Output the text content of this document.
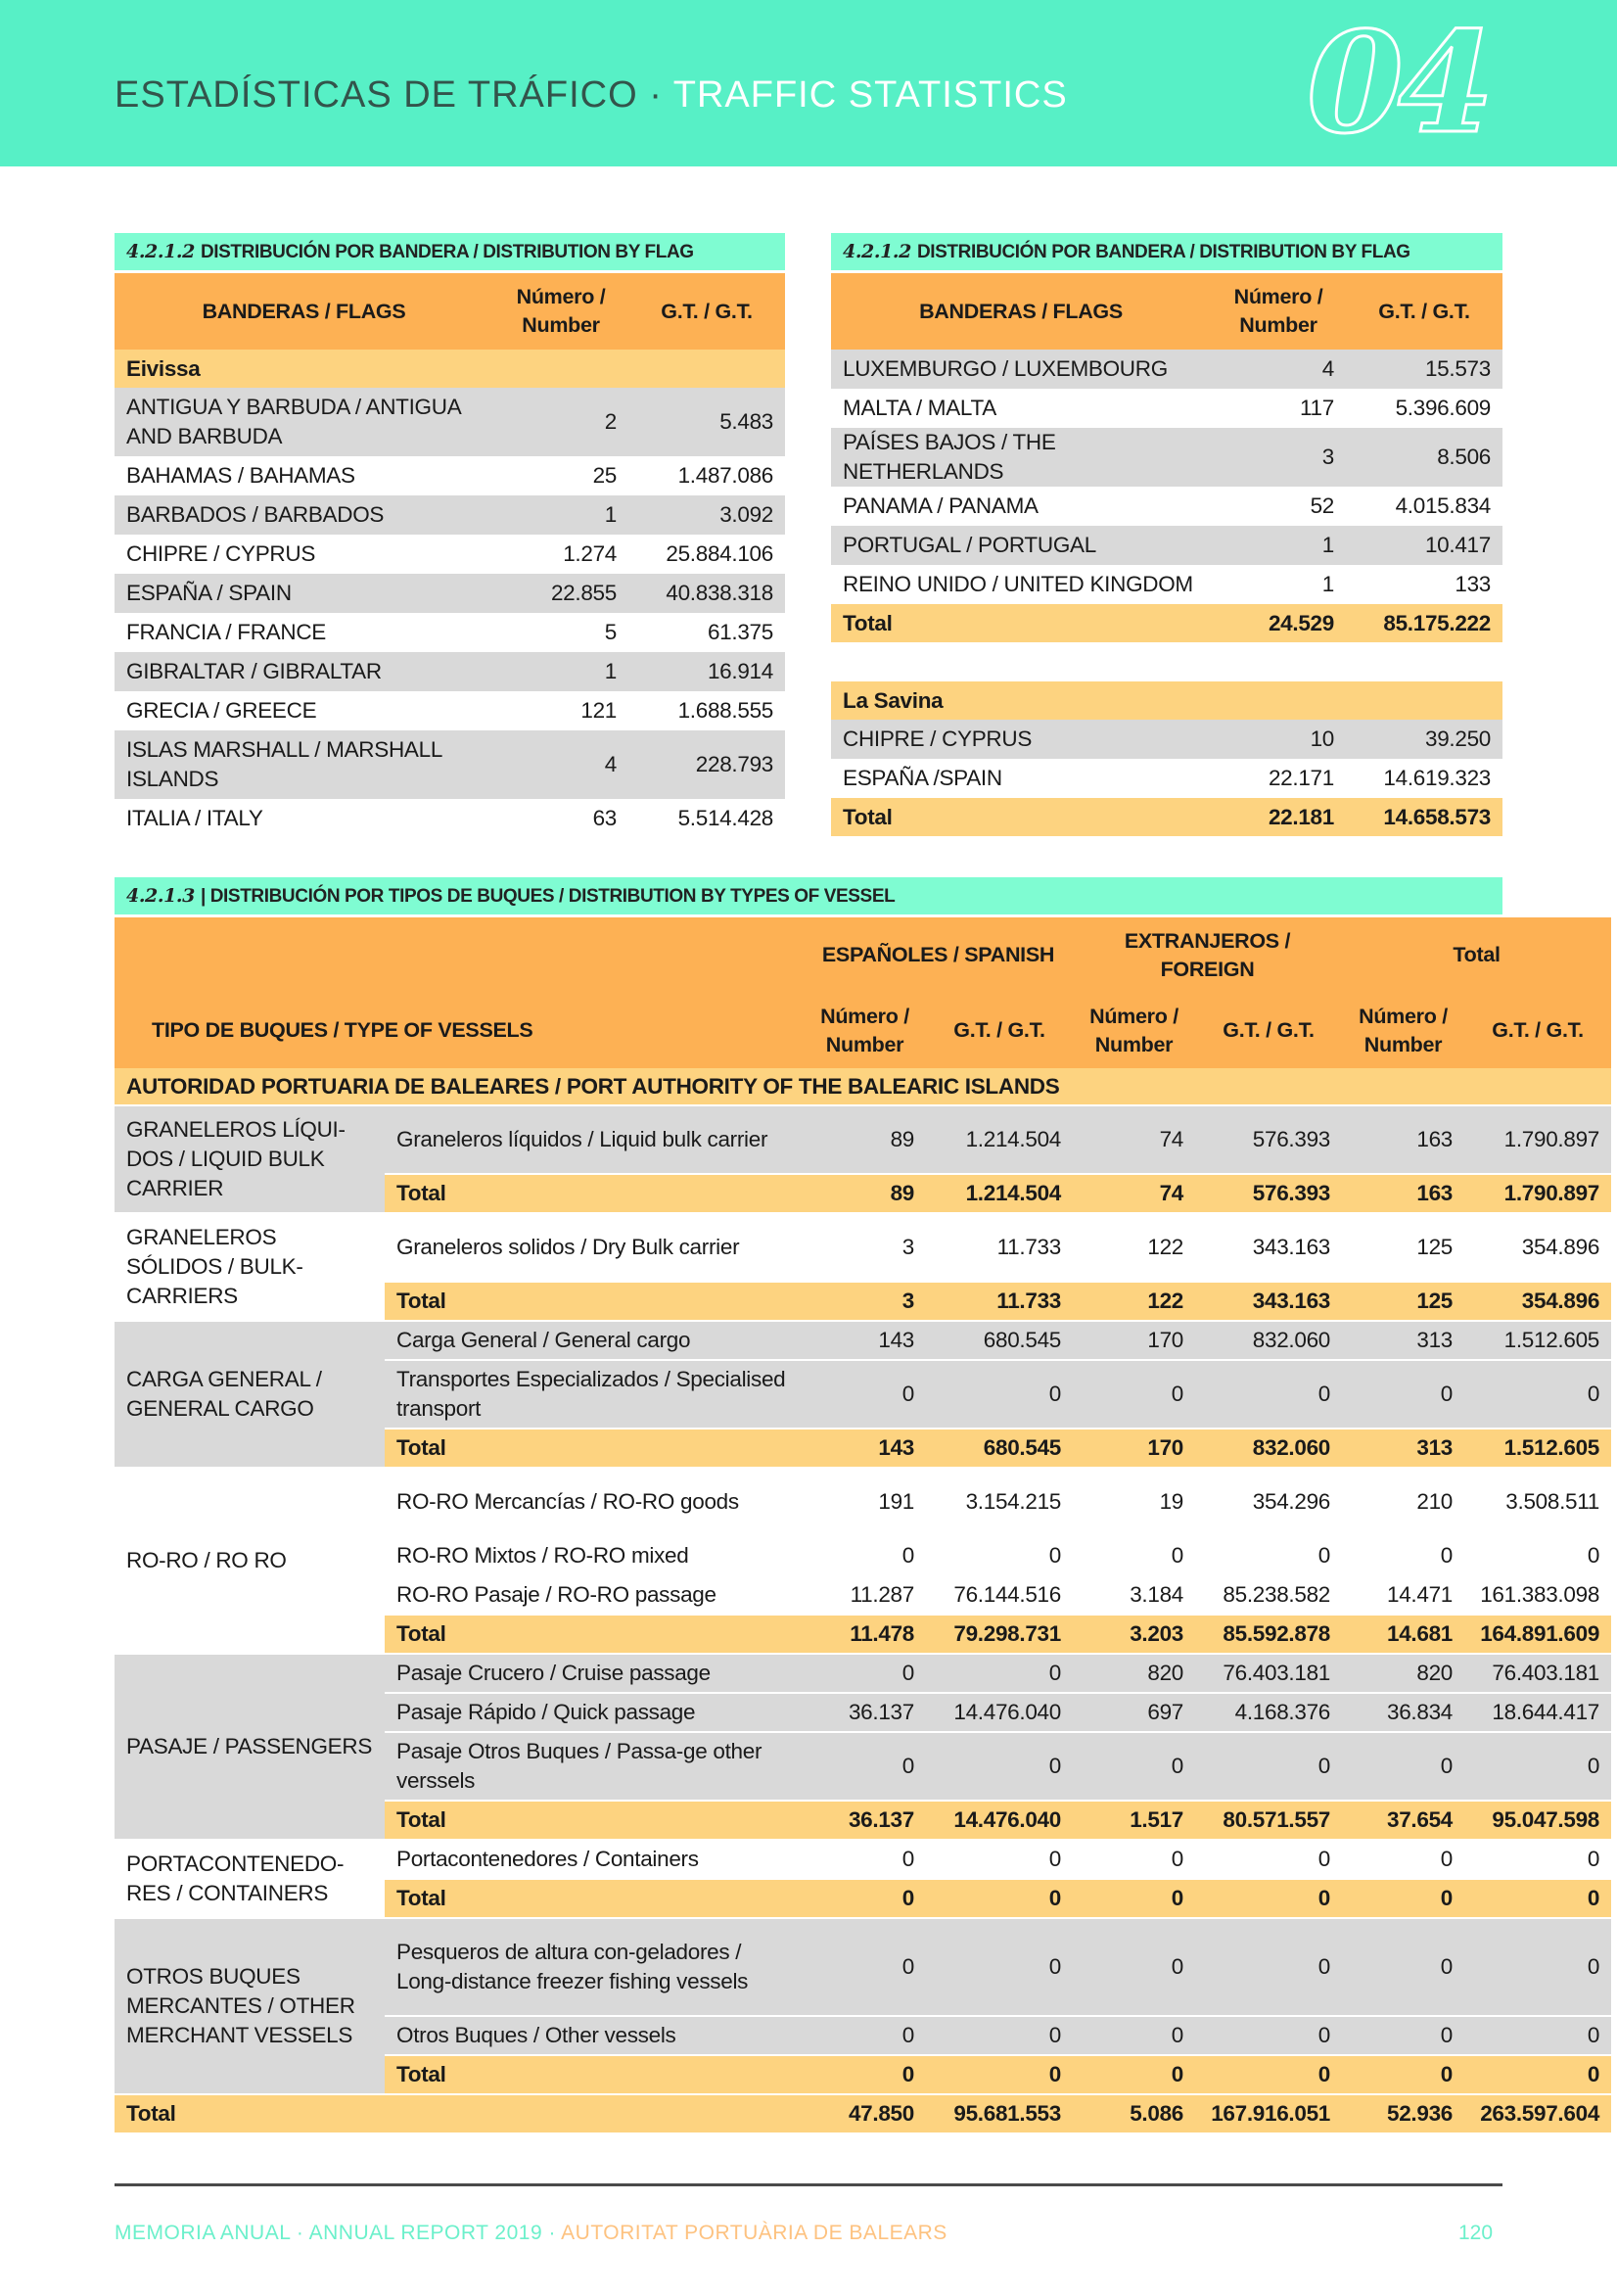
ESTADÍSTICAS DE TRÁFICO · TRAFFIC STATISTICS 04
4.2.1.2 DISTRIBUCIÓN POR BANDERA / DISTRIBUTION BY FLAG
BANDERAS / FLAGS	Número / Number	G.T. / G.T.
Eivissa		
ANTIGUA Y BARBUDA / ANTIGUA AND BARBUDA	2	5.483
BAHAMAS / BAHAMAS	25	1.487.086
BARBADOS / BARBADOS	1	3.092
CHIPRE / CYPRUS	1.274	25.884.106
ESPAÑA / SPAIN	22.855	40.838.318
FRANCIA / FRANCE	5	61.375
GIBRALTAR / GIBRALTAR	1	16.914
GRECIA / GREECE	121	1.688.555
ISLAS MARSHALL / MARSHALL ISLANDS	4	228.793
ITALIA / ITALY	63	5.514.428
4.2.1.2 DISTRIBUCIÓN POR BANDERA / DISTRIBUTION BY FLAG
BANDERAS / FLAGS	Número / Number	G.T. / G.T.
LUXEMBURGO / LUXEMBOURG	4	15.573
MALTA / MALTA	117	5.396.609
PAÍSES BAJOS / THE NETHERLANDS	3	8.506
PANAMA / PANAMA	52	4.015.834
PORTUGAL / PORTUGAL	1	10.417
REINO UNIDO / UNITED KINGDOM	1	133
Total	24.529	85.175.222
La Savina		
CHIPRE / CYPRUS	10	39.250
ESPAÑA /SPAIN	22.171	14.619.323
Total	22.181	14.658.573
4.2.1.3 | DISTRIBUCIÓN POR TIPOS DE BUQUES / DISTRIBUTION BY TYPES OF VESSEL
		ESPAÑOLES / SPANISH		EXTRANJEROS / FOREIGN		Total	
TIPO DE BUQUES / TYPE OF VESSELS		Número / Number	G.T. / G.T.	Número / Number	G.T. / G.T.	Número / Number	G.T. / G.T.
AUTORIDAD PORTUARIA DE BALEARES / PORT AUTHORITY OF THE BALEARIC ISLANDS							
GRANELEROS LÍQUI-DOS / LIQUID BULK CARRIER	Graneleros líquidos / Liquid bulk carrier	89	1.214.504	74	576.393	163	1.790.897
	Total	89	1.214.504	74	576.393	163	1.790.897
GRANELEROS SÓLIDOS / BULK-CARRIERS	Graneleros solidos / Dry Bulk carrier	3	11.733	122	343.163	125	354.896
	Total	3	11.733	122	343.163	125	354.896
CARGA GENERAL / GENERAL CARGO	Carga General / General cargo	143	680.545	170	832.060	313	1.512.605
	Transportes Especializados / Specialised transport	0	0	0	0	0	0
	Total	143	680.545	170	832.060	313	1.512.605
RO-RO / RO RO	RO-RO Mercancías / RO-RO goods	191	3.154.215	19	354.296	210	3.508.511
	RO-RO Mixtos / RO-RO mixed	0	0	0	0	0	0
	RO-RO Pasaje / RO-RO passage	11.287	76.144.516	3.184	85.238.582	14.471	161.383.098
	Total	11.478	79.298.731	3.203	85.592.878	14.681	164.891.609
PASAJE / PASSENGERS	Pasaje Crucero / Cruise passage	0	0	820	76.403.181	820	76.403.181
	Pasaje Rápido / Quick passage	36.137	14.476.040	697	4.168.376	36.834	18.644.417
	Pasaje Otros Buques / Passa-ge other verssels	0	0	0	0	0	0
	Total	36.137	14.476.040	1.517	80.571.557	37.654	95.047.598
PORTACONTENEDO-RES / CONTAINERS	Portacontenedores / Containers	0	0	0	0	0	0
	Total	0	0	0	0	0	0
OTROS BUQUES MERCANTES / OTHER MERCHANT VESSELS	Pesqueros de altura con-geladores / Long-distance freezer fishing vessels	0	0	0	0	0	0
	Otros Buques / Other vessels	0	0	0	0	0	0
	Total	0	0	0	0	0	0
Total		47.850	95.681.553	5.086	167.916.051	52.936	263.597.604
MEMORIA ANUAL · ANNUAL REPORT 2019 · AUTORITAT PORTUÀRIA DE BALEARS	120
